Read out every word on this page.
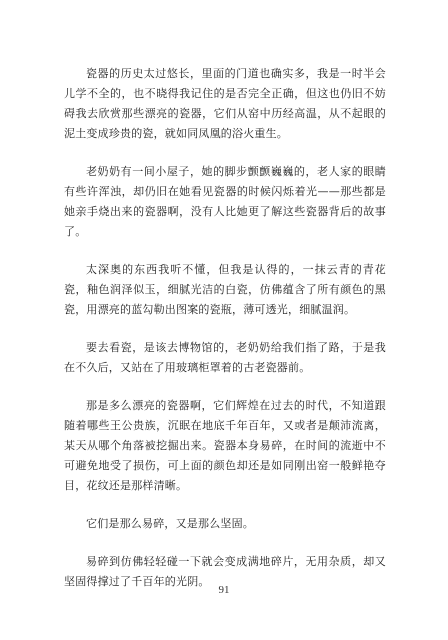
瓷器的历史太过悠长，里面的门道也确实多，我是一时半会儿学不全的，也不晓得我记住的是否完全正确，但这也仍旧不妨碍我去欣赏那些漂亮的瓷器，它们从窑中历经高温，从不起眼的泥土变成珍贵的瓷，就如同凤凰的浴火重生。

老奶奶有一间小屋子，她的脚步颤颤巍巍的，老人家的眼睛有些许浑浊，却仍旧在她看见瓷器的时候闪烁着光——那些都是她亲手烧出来的瓷器啊，没有人比她更了解这些瓷器背后的故事了。

太深奥的东西我听不懂，但我是认得的，一抹云青的青花瓷，釉色润泽似玉，细腻光洁的白瓷，仿佛蕴含了所有颜色的黑瓷，用漂亮的蓝勾勒出图案的瓷瓶，薄可透光，细腻温润。

要去看瓷，是该去博物馆的，老奶奶给我们指了路，于是我在不久后，又站在了用玻璃柜罩着的古老瓷器前。

那是多么漂亮的瓷器啊，它们辉煌在过去的时代，不知道跟随着哪些王公贵族，沉眠在地底千年百年，又或者是颠沛流离，某天从哪个角落被挖掘出来。瓷器本身易碎，在时间的流逝中不可避免地受了损伤，可上面的颜色却还是如同刚出窑一般鲜艳夺目，花纹还是那样清晰。

它们是那么易碎，又是那么坚固。

易碎到仿佛轻轻碰一下就会变成满地碎片，无用杂质，却又坚固得撑过了千百年的光阴。

91
